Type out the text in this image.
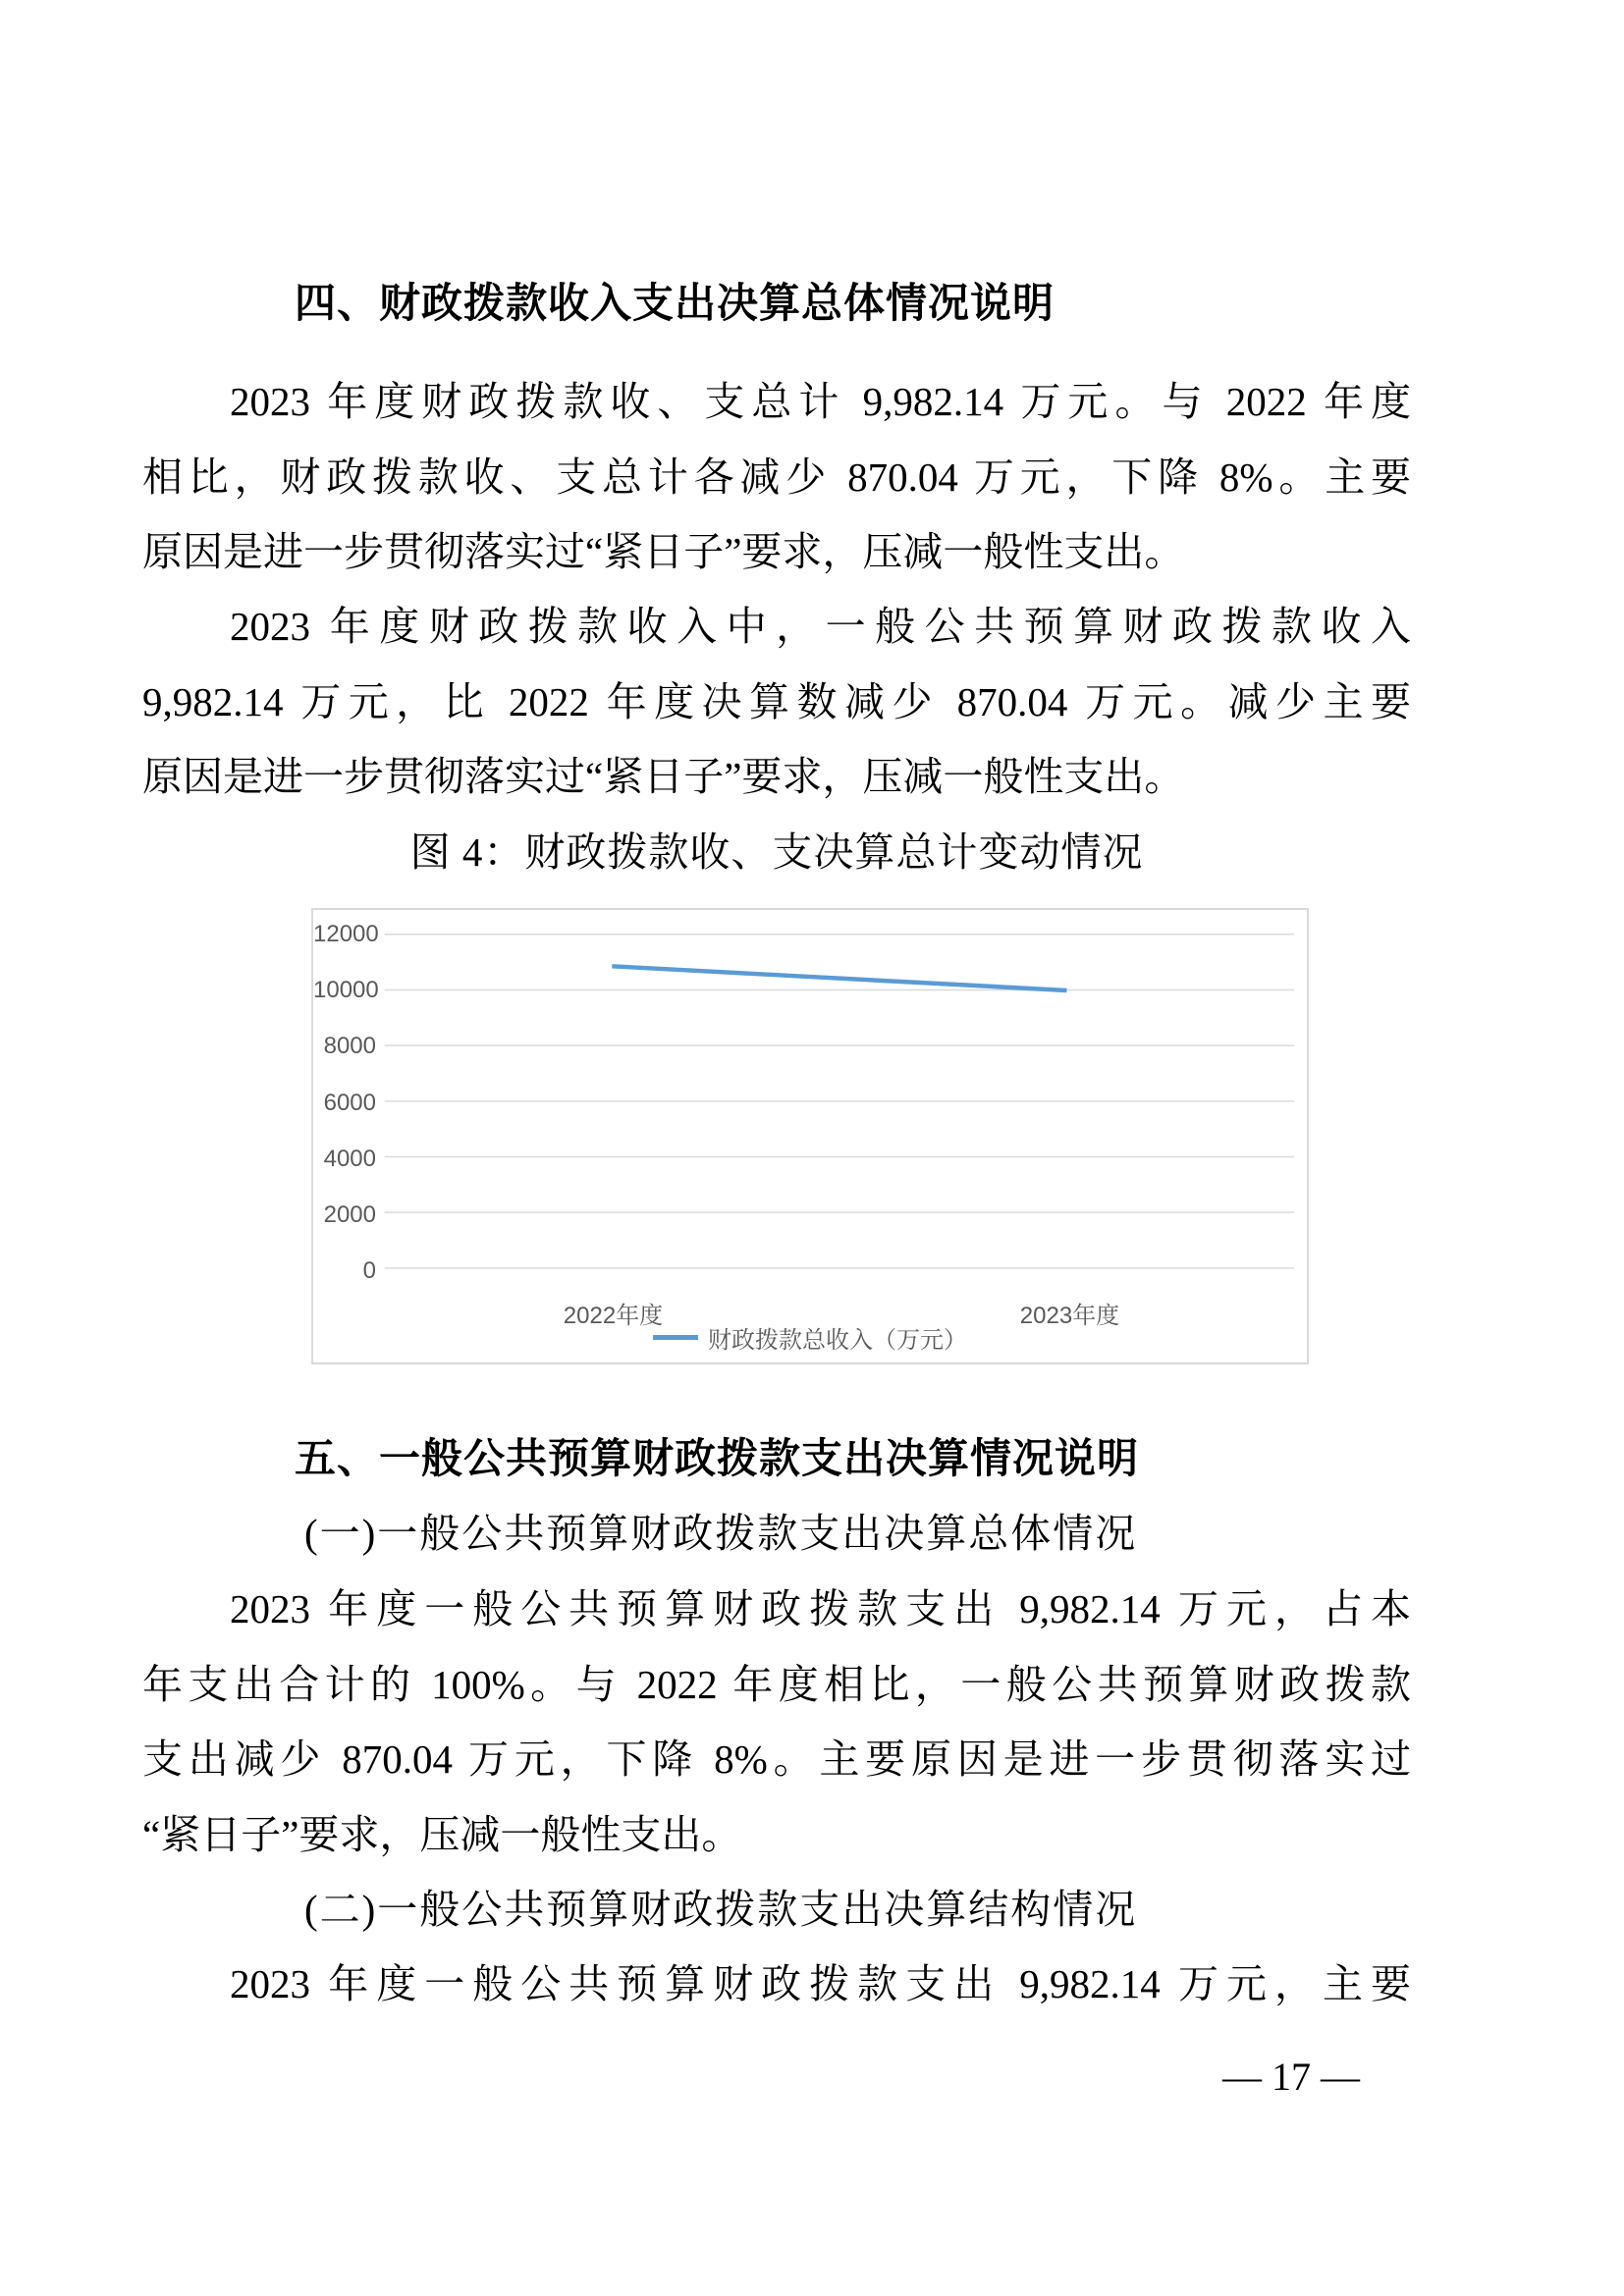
四、财政拨款收入支出决算总体情况说明
2023 年度财政拨款收、支总计 9,982.14 万元。与 2022 年度
相比，财政拨款收、支总计各减少 870.04 万元，下降 8%。主要
原因是进一步贯彻落实过“紧日子”要求，压减一般性支出。
2023 年度财政拨款收入中，一般公共预算财政拨款收入
9,982.14 万元，比 2022 年度决算数减少 870.04 万元。减少主要
原因是进一步贯彻落实过“紧日子”要求，压减一般性支出。
图 4：财政拨款收、支决算总计变动情况
0
2000
4000
6000
8000
10000
12000
2022年度	2023年度
财政拨款总收入（万元）
五、一般公共预算财政拨款支出决算情况说明
(一)一般公共预算财政拨款支出决算总体情况
2023 年度一般公共预算财政拨款支出 9,982.14 万元，占本
年支出合计的 100%。与 2022 年度相比，一般公共预算财政拨款
支出减少 870.04 万元，下降 8%。主要原因是进一步贯彻落实过
“紧日子”要求，压减一般性支出。
(二)一般公共预算财政拨款支出决算结构情况
2023 年度一般公共预算财政拨款支出 9,982.14 万元，主要
— 17 —
